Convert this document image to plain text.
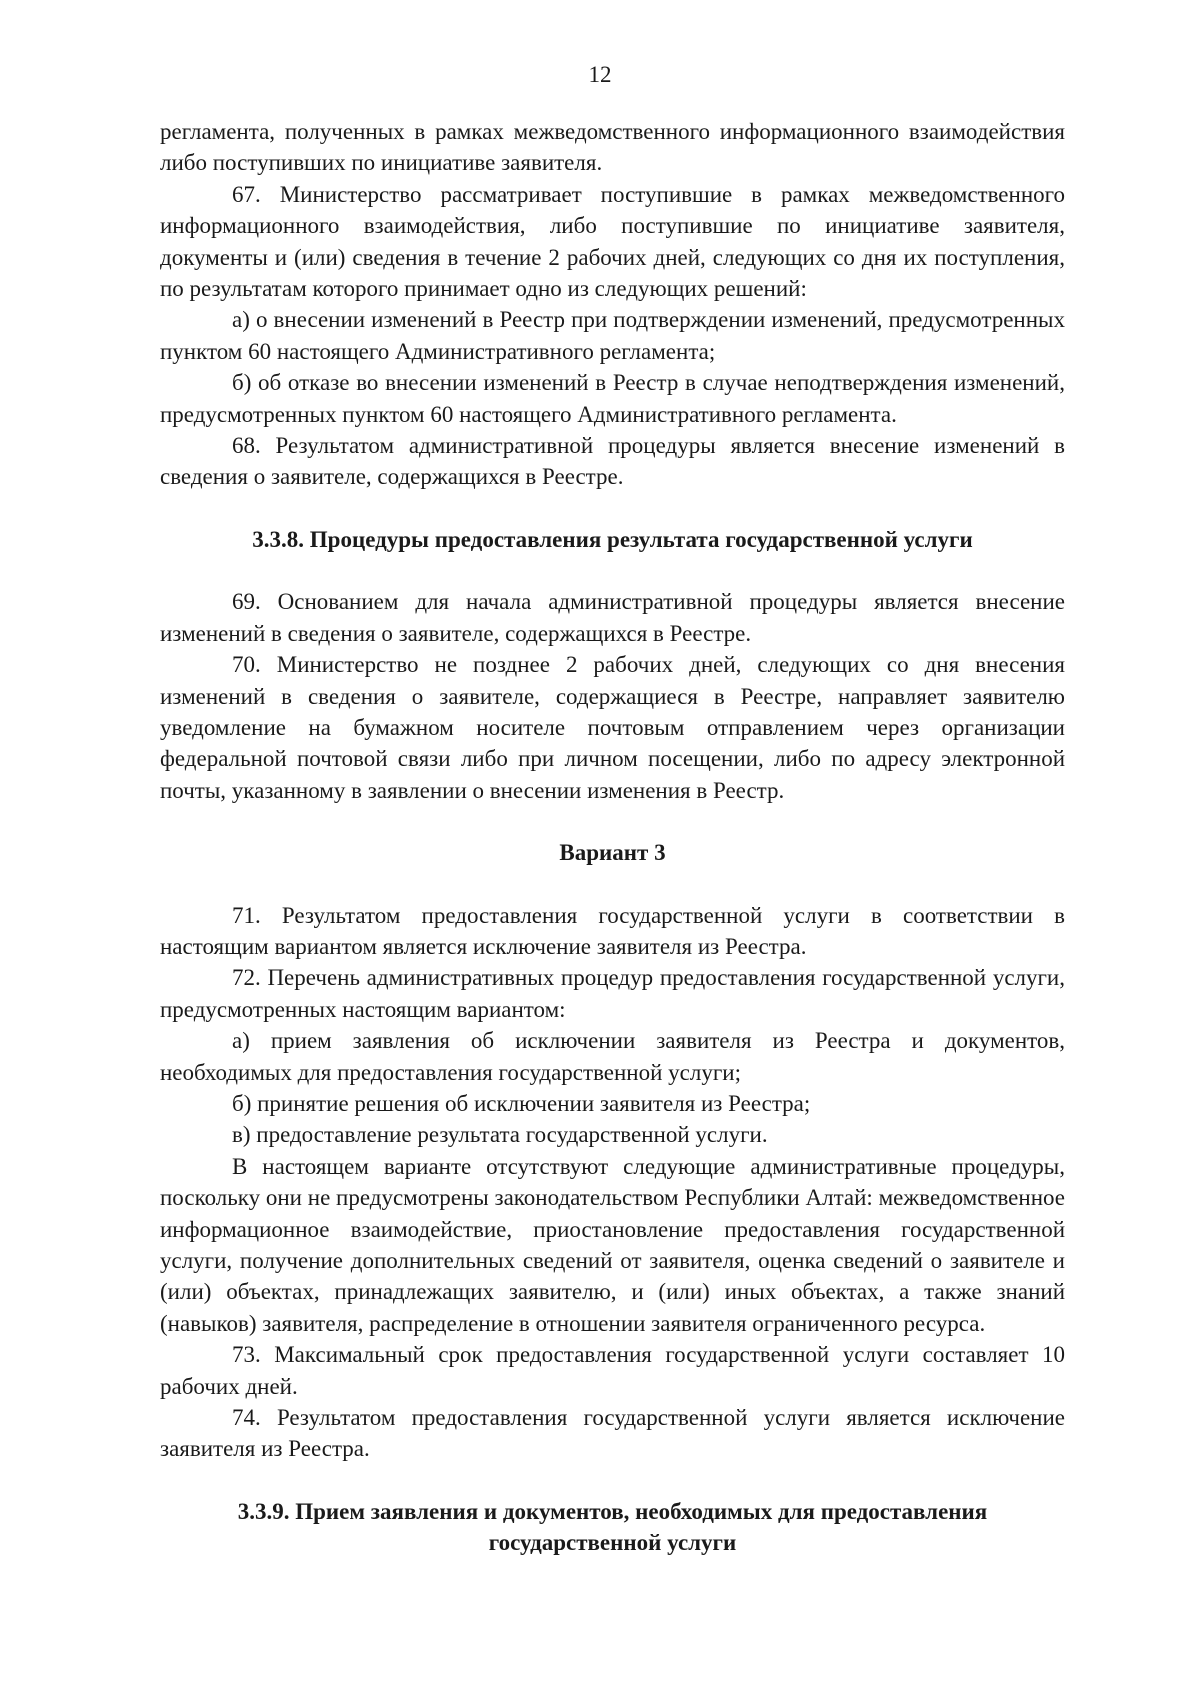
12

регламента, полученных в рамках межведомственного информационного взаимодействия либо поступивших по инициативе заявителя.

67. Министерство рассматривает поступившие в рамках межведомственного информационного взаимодействия, либо поступившие по инициативе заявителя, документы и (или) сведения в течение 2 рабочих дней, следующих со дня их поступления, по результатам которого принимает одно из следующих решений:

а) о внесении изменений в Реестр при подтверждении изменений, предусмотренных пунктом 60 настоящего Административного регламента;

б) об отказе во внесении изменений в Реестр в случае неподтверждения изменений, предусмотренных пунктом 60 настоящего Административного регламента.

68. Результатом административной процедуры является внесение изменений в сведения о заявителе, содержащихся в Реестре.

3.3.8. Процедуры предоставления результата государственной услуги

69. Основанием для начала административной процедуры является внесение изменений в сведения о заявителе, содержащихся в Реестре.

70. Министерство не позднее 2 рабочих дней, следующих со дня внесения изменений в сведения о заявителе, содержащиеся в Реестре, направляет заявителю уведомление на бумажном носителе почтовым отправлением через организации федеральной почтовой связи либо при личном посещении, либо по адресу электронной почты, указанному в заявлении о внесении изменения в Реестр.

Вариант 3

71. Результатом предоставления государственной услуги в соответствии в настоящим вариантом является исключение заявителя из Реестра.

72. Перечень административных процедур предоставления государственной услуги, предусмотренных настоящим вариантом:

а) прием заявления об исключении заявителя из Реестра и документов, необходимых для предоставления государственной услуги;

б) принятие решения об исключении заявителя из Реестра;

в) предоставление результата государственной услуги.

В настоящем варианте отсутствуют следующие административные процедуры, поскольку они не предусмотрены законодательством Республики Алтай: межведомственное информационное взаимодействие, приостановление предоставления государственной услуги, получение дополнительных сведений от заявителя, оценка сведений о заявителе и (или) объектах, принадлежащих заявителю, и (или) иных объектах, а также знаний (навыков) заявителя, распределение в отношении заявителя ограниченного ресурса.

73. Максимальный срок предоставления государственной услуги составляет 10 рабочих дней.

74. Результатом предоставления государственной услуги является исключение заявителя из Реестра.

3.3.9. Прием заявления и документов, необходимых для предоставления
государственной услуги
